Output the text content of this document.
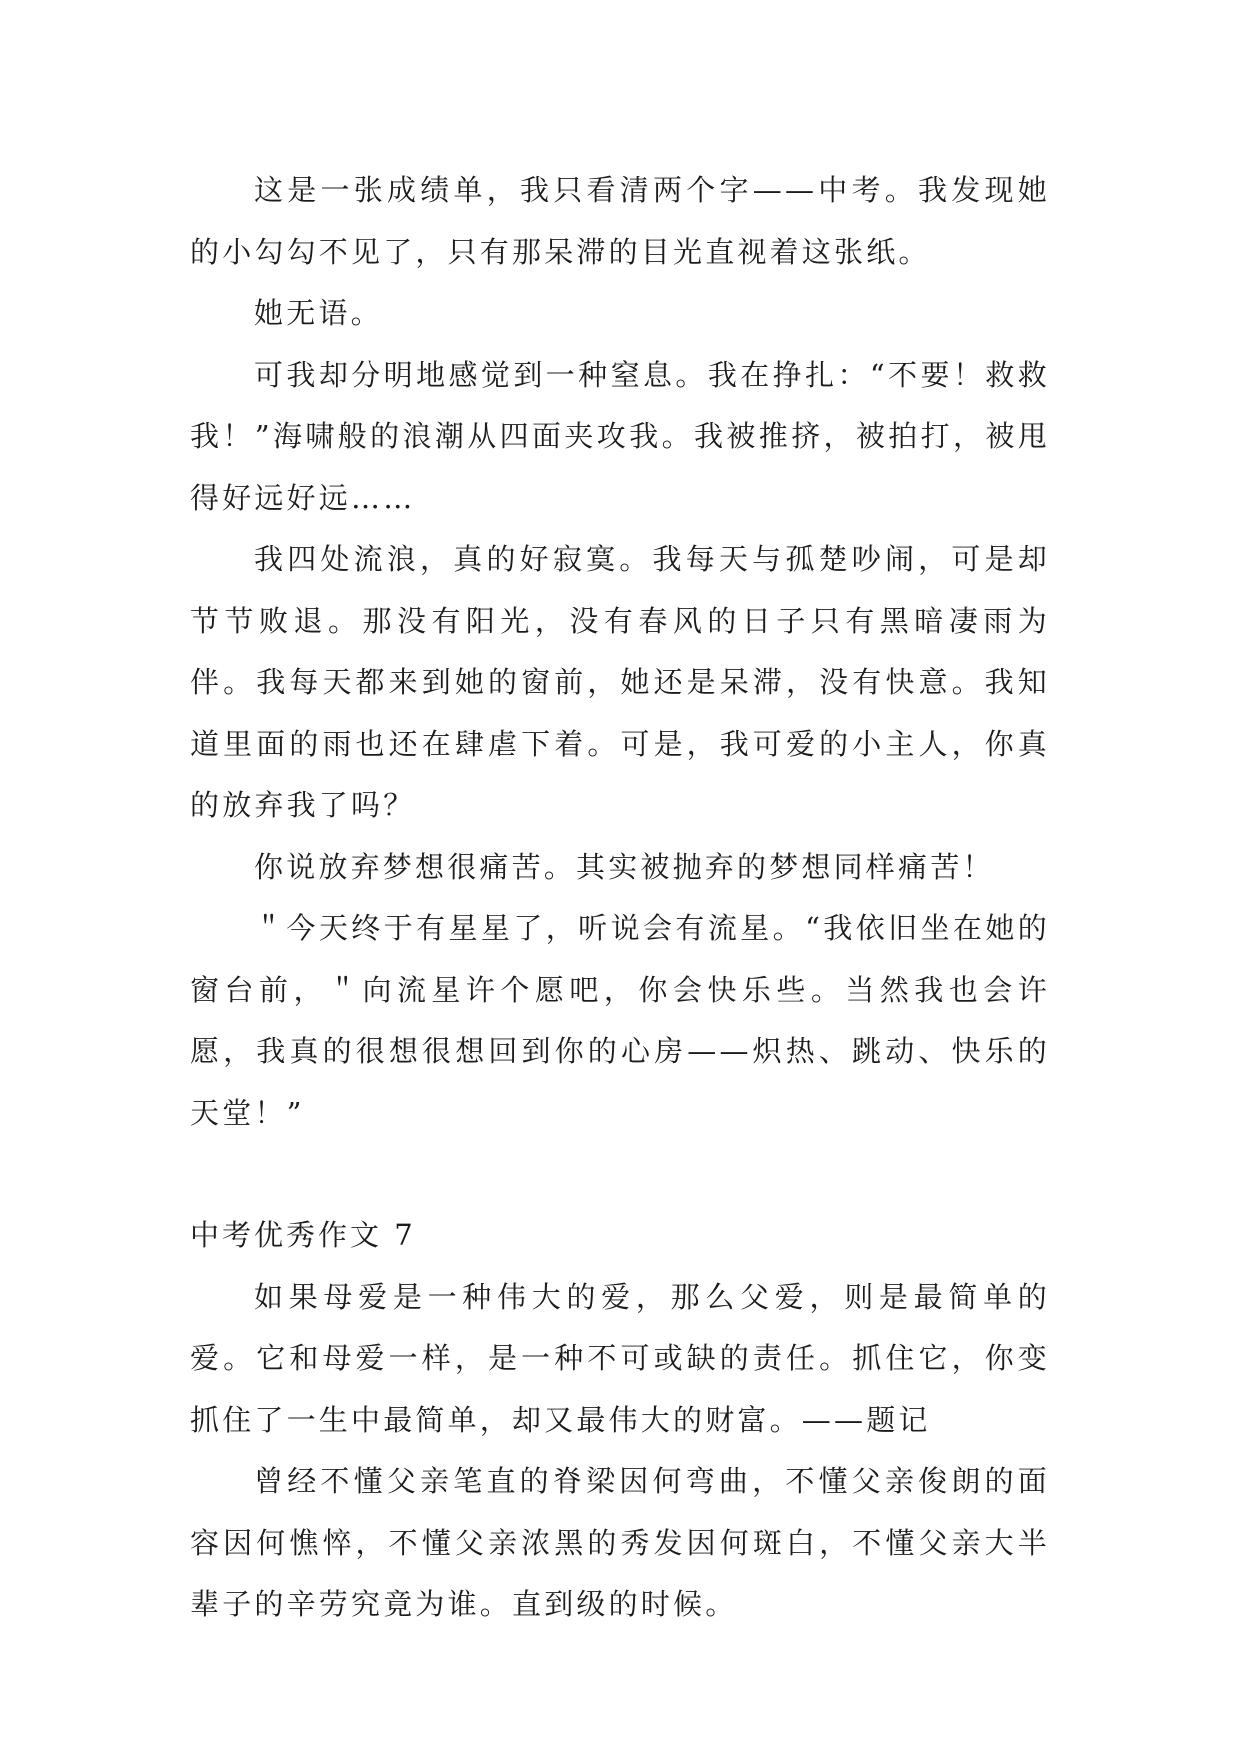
这是一张成绩单，我只看清两个字——中考。我发现她的小勾勾不见了，只有那呆滞的目光直视着这张纸。

她无语。

可我却分明地感觉到一种窒息。我在挣扎：“不要！救救我！”海啸般的浪潮从四面夹攻我。我被推挤，被拍打，被甩得好远好远……

我四处流浪，真的好寂寞。我每天与孤楚吵闹，可是却节节败退。那没有阳光，没有春风的日子只有黑暗凄雨为伴。我每天都来到她的窗前，她还是呆滞，没有快意。我知道里面的雨也还在肆虐下着。可是，我可爱的小主人，你真的放弃我了吗？

你说放弃梦想很痛苦。其实被抛弃的梦想同样痛苦！

＂今天终于有星星了，听说会有流星。“我依旧坐在她的窗台前，＂向流星许个愿吧，你会快乐些。当然我也会许愿，我真的很想很想回到你的心房——炽热、跳动、快乐的天堂！”

中考优秀作文 7

如果母爱是一种伟大的爱，那么父爱，则是最简单的爱。它和母爱一样，是一种不可或缺的责任。抓住它，你变抓住了一生中最简单，却又最伟大的财富。——题记

曾经不懂父亲笔直的脊梁因何弯曲，不懂父亲俊朗的面容因何憔悴，不懂父亲浓黑的秀发因何斑白，不懂父亲大半辈子的辛劳究竟为谁。直到级的时候。
